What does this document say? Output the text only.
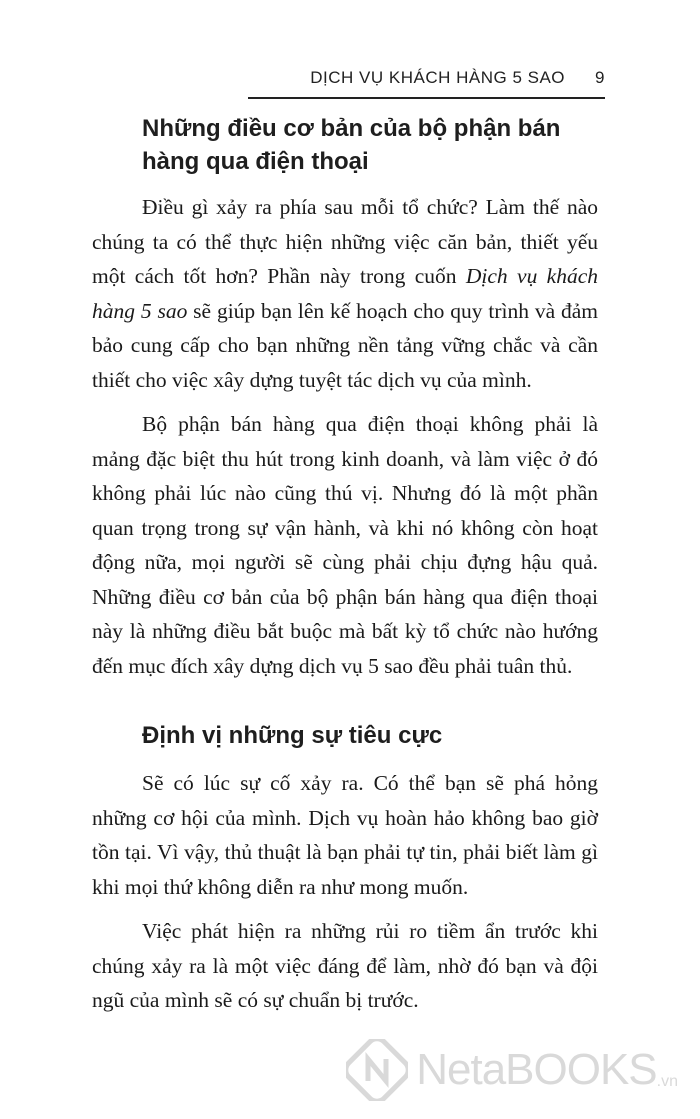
DỊCH VỤ KHÁCH HÀNG 5 SAO 9
Những điều cơ bản của bộ phận bán hàng qua điện thoại

Điều gì xảy ra phía sau mỗi tổ chức? Làm thế nào chúng ta có thể thực hiện những việc căn bản, thiết yếu một cách tốt hơn? Phần này trong cuốn Dịch vụ khách hàng 5 sao sẽ giúp bạn lên kế hoạch cho quy trình và đảm bảo cung cấp cho bạn những nền tảng vững chắc và cần thiết cho việc xây dựng tuyệt tác dịch vụ của mình.

Bộ phận bán hàng qua điện thoại không phải là mảng đặc biệt thu hút trong kinh doanh, và làm việc ở đó không phải lúc nào cũng thú vị. Nhưng đó là một phần quan trọng trong sự vận hành, và khi nó không còn hoạt động nữa, mọi người sẽ cùng phải chịu đựng hậu quả. Những điều cơ bản của bộ phận bán hàng qua điện thoại này là những điều bắt buộc mà bất kỳ tổ chức nào hướng đến mục đích xây dựng dịch vụ 5 sao đều phải tuân thủ.

Định vị những sự tiêu cực

Sẽ có lúc sự cố xảy ra. Có thể bạn sẽ phá hỏng những cơ hội của mình. Dịch vụ hoàn hảo không bao giờ tồn tại. Vì vậy, thủ thuật là bạn phải tự tin, phải biết làm gì khi mọi thứ không diễn ra như mong muốn.

Việc phát hiện ra những rủi ro tiềm ẩn trước khi chúng xảy ra là một việc đáng để làm, nhờ đó bạn và đội ngũ của mình sẽ có sự chuẩn bị trước.

NetaBOOKS .vn
